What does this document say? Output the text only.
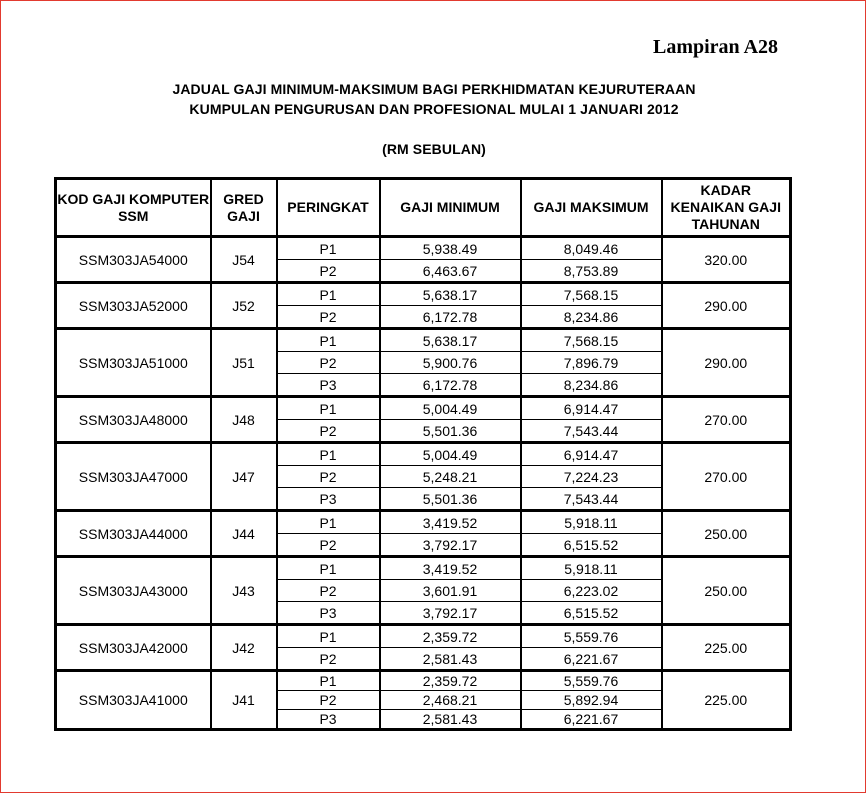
Lampiran A28
JADUAL GAJI MINIMUM-MAKSIMUM BAGI PERKHIDMATAN KEJURUTERAAN
KUMPULAN PENGURUSAN DAN PROFESIONAL MULAI 1 JANUARI 2012
(RM SEBULAN)
KOD GAJI KOMPUTER SSM	GRED GAJI	PERINGKAT	GAJI MINIMUM	GAJI MAKSIMUM	KADAR KENAIKAN GAJI TAHUNAN
SSM303JA54000	J54	P1	5,938.49	8,049.46	320.00
		P2	6,463.67	8,753.89	
SSM303JA52000	J52	P1	5,638.17	7,568.15	290.00
		P2	6,172.78	8,234.86	
SSM303JA51000	J51	P1	5,638.17	7,568.15	290.00
		P2	5,900.76	7,896.79	
		P3	6,172.78	8,234.86	
SSM303JA48000	J48	P1	5,004.49	6,914.47	270.00
		P2	5,501.36	7,543.44	
SSM303JA47000	J47	P1	5,004.49	6,914.47	270.00
		P2	5,248.21	7,224.23	
		P3	5,501.36	7,543.44	
SSM303JA44000	J44	P1	3,419.52	5,918.11	250.00
		P2	3,792.17	6,515.52	
SSM303JA43000	J43	P1	3,419.52	5,918.11	250.00
		P2	3,601.91	6,223.02	
		P3	3,792.17	6,515.52	
SSM303JA42000	J42	P1	2,359.72	5,559.76	225.00
		P2	2,581.43	6,221.67	
SSM303JA41000	J41	P1	2,359.72	5,559.76	225.00
		P2	2,468.21	5,892.94	
		P3	2,581.43	6,221.67	
